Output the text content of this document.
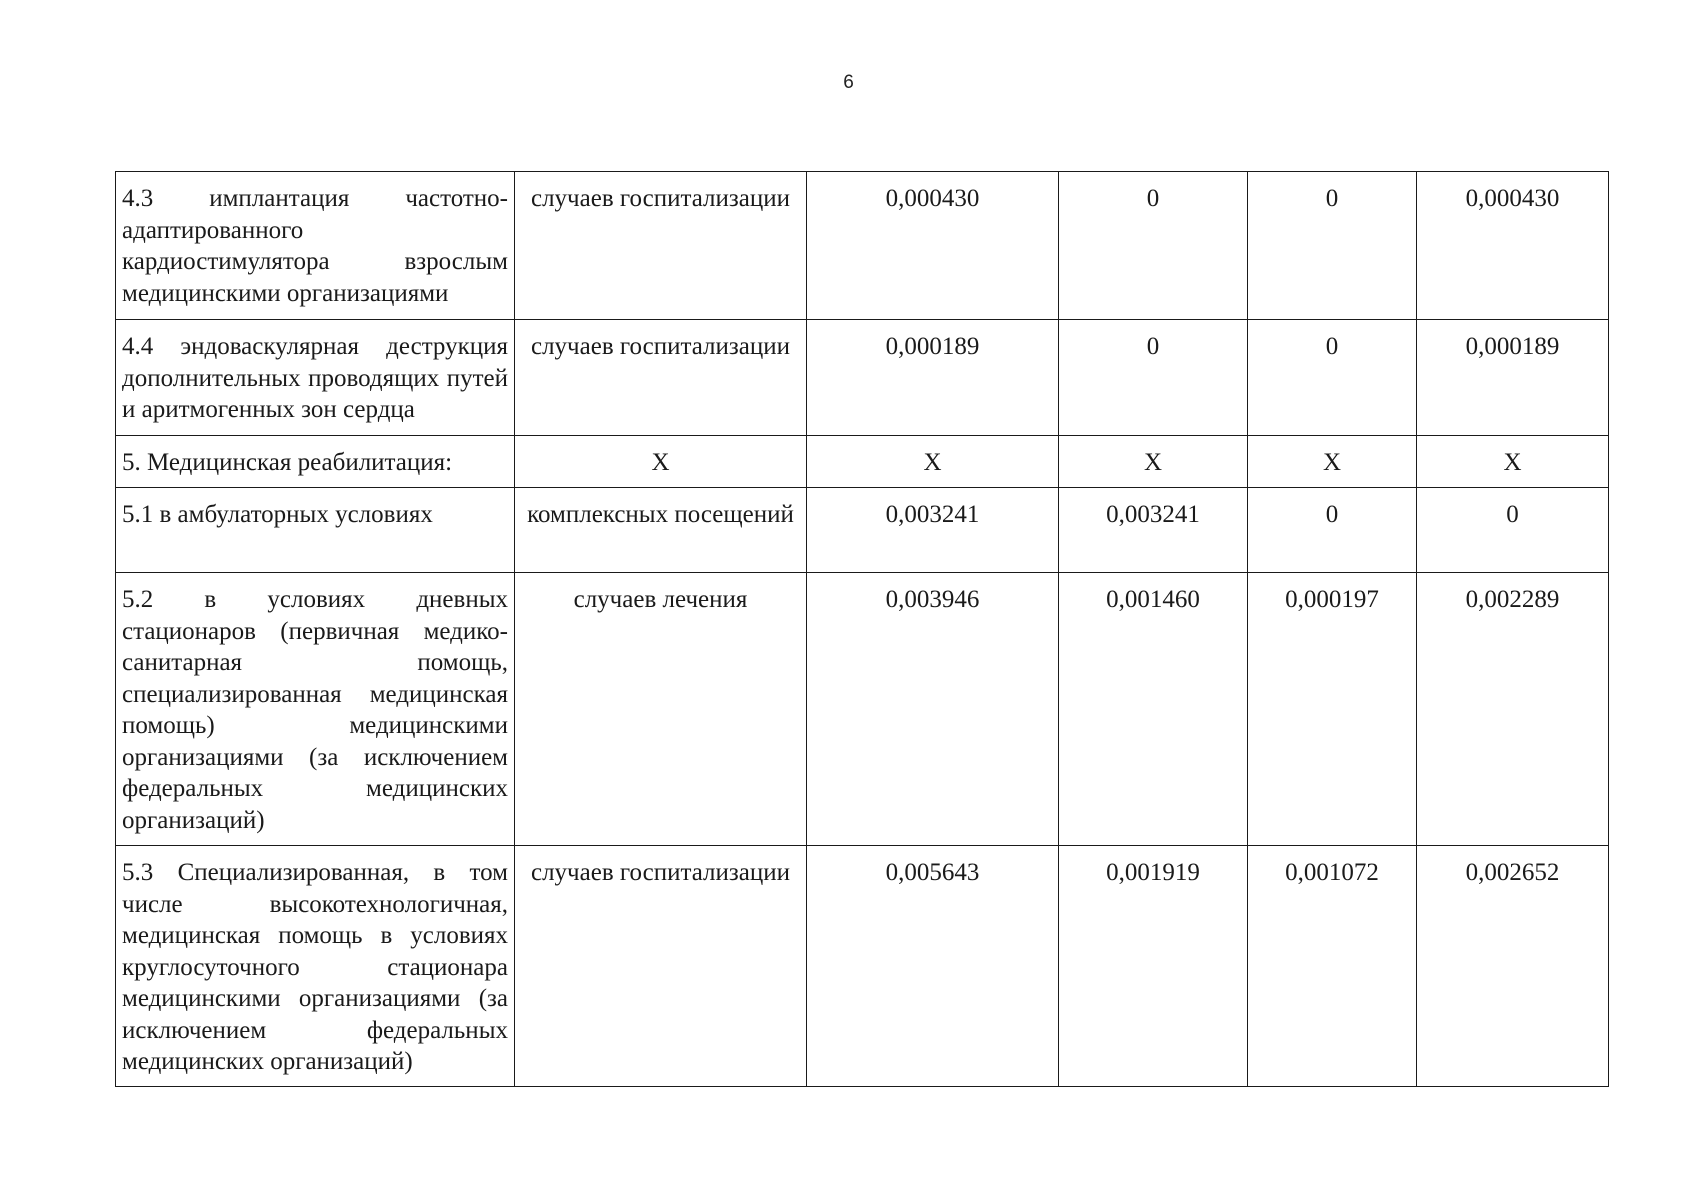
6
4.3 имплантация частотно-адаптированного кардиостимулятора взрослым медицинскими организациями	случаев госпитализации	0,000430	0	0	0,000430
4.4 эндоваскулярная деструкция дополнительных проводящих путей и аритмогенных зон сердца	случаев госпитализации	0,000189	0	0	0,000189
5. Медицинская реабилитация:	X	X	X	X	X
5.1 в амбулаторных условиях	комплексных посещений	0,003241	0,003241	0	0
5.2 в условиях дневных стационаров (первичная медико-санитарная помощь, специализированная медицинская помощь) медицинскими организациями (за исключением федеральных медицинских организаций)	случаев лечения	0,003946	0,001460	0,000197	0,002289
5.3 Специализированная, в том числе высокотехнологичная, медицинская помощь в условиях круглосуточного стационара медицинскими организациями (за исключением федеральных медицинских организаций)	случаев госпитализации	0,005643	0,001919	0,001072	0,002652
